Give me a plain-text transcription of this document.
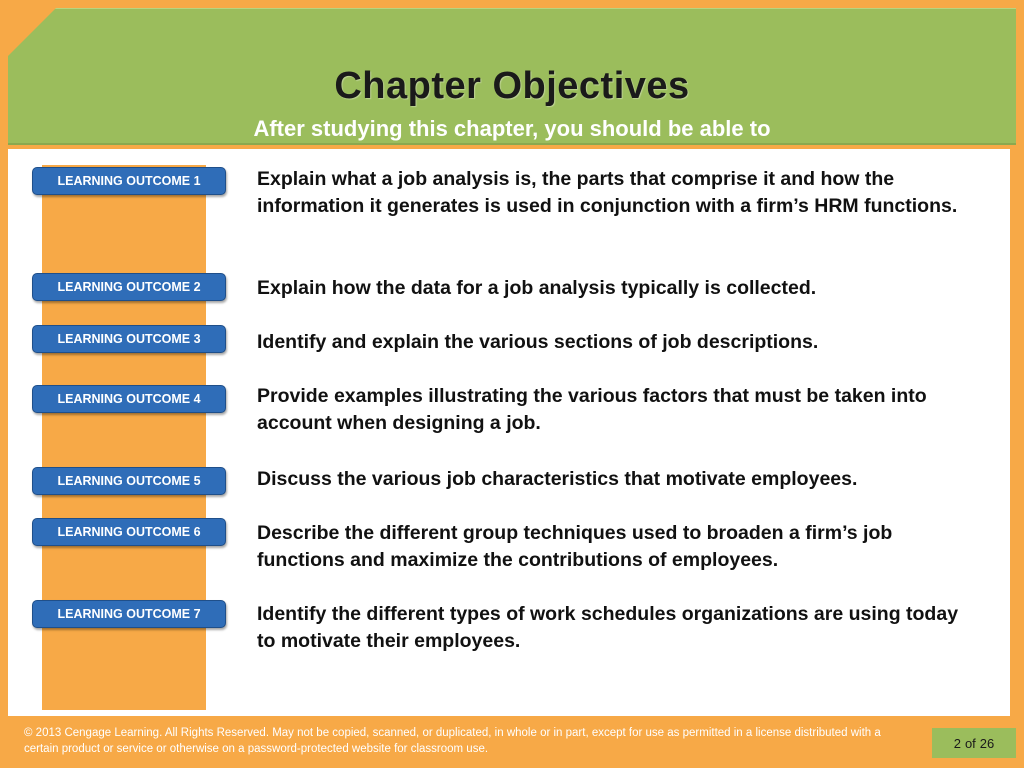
Chapter Objectives
After studying this chapter, you should be able to
LEARNING OUTCOME 1	Explain what a job analysis is, the parts that comprise it and how the information it generates is used in conjunction with a firm’s HRM functions.
LEARNING OUTCOME 2	Explain how the data for a job analysis typically is collected.
LEARNING OUTCOME 3	Identify and explain the various sections of job descriptions.
LEARNING OUTCOME 4	Provide examples illustrating the various factors that must be taken into account when designing a job.
LEARNING OUTCOME 5	Discuss the various job characteristics that motivate employees.
LEARNING OUTCOME 6	Describe the different group techniques used to broaden a firm’s job functions and maximize the contributions of employees.
LEARNING OUTCOME 7	Identify the different types of work schedules organizations are using today to motivate their employees.
© 2013 Cengage Learning. All Rights Reserved. May not be copied, scanned, or duplicated, in whole or in part, except for use as permitted in a license distributed with a certain product or service or otherwise on a password-protected website for classroom use.	2 of 26
